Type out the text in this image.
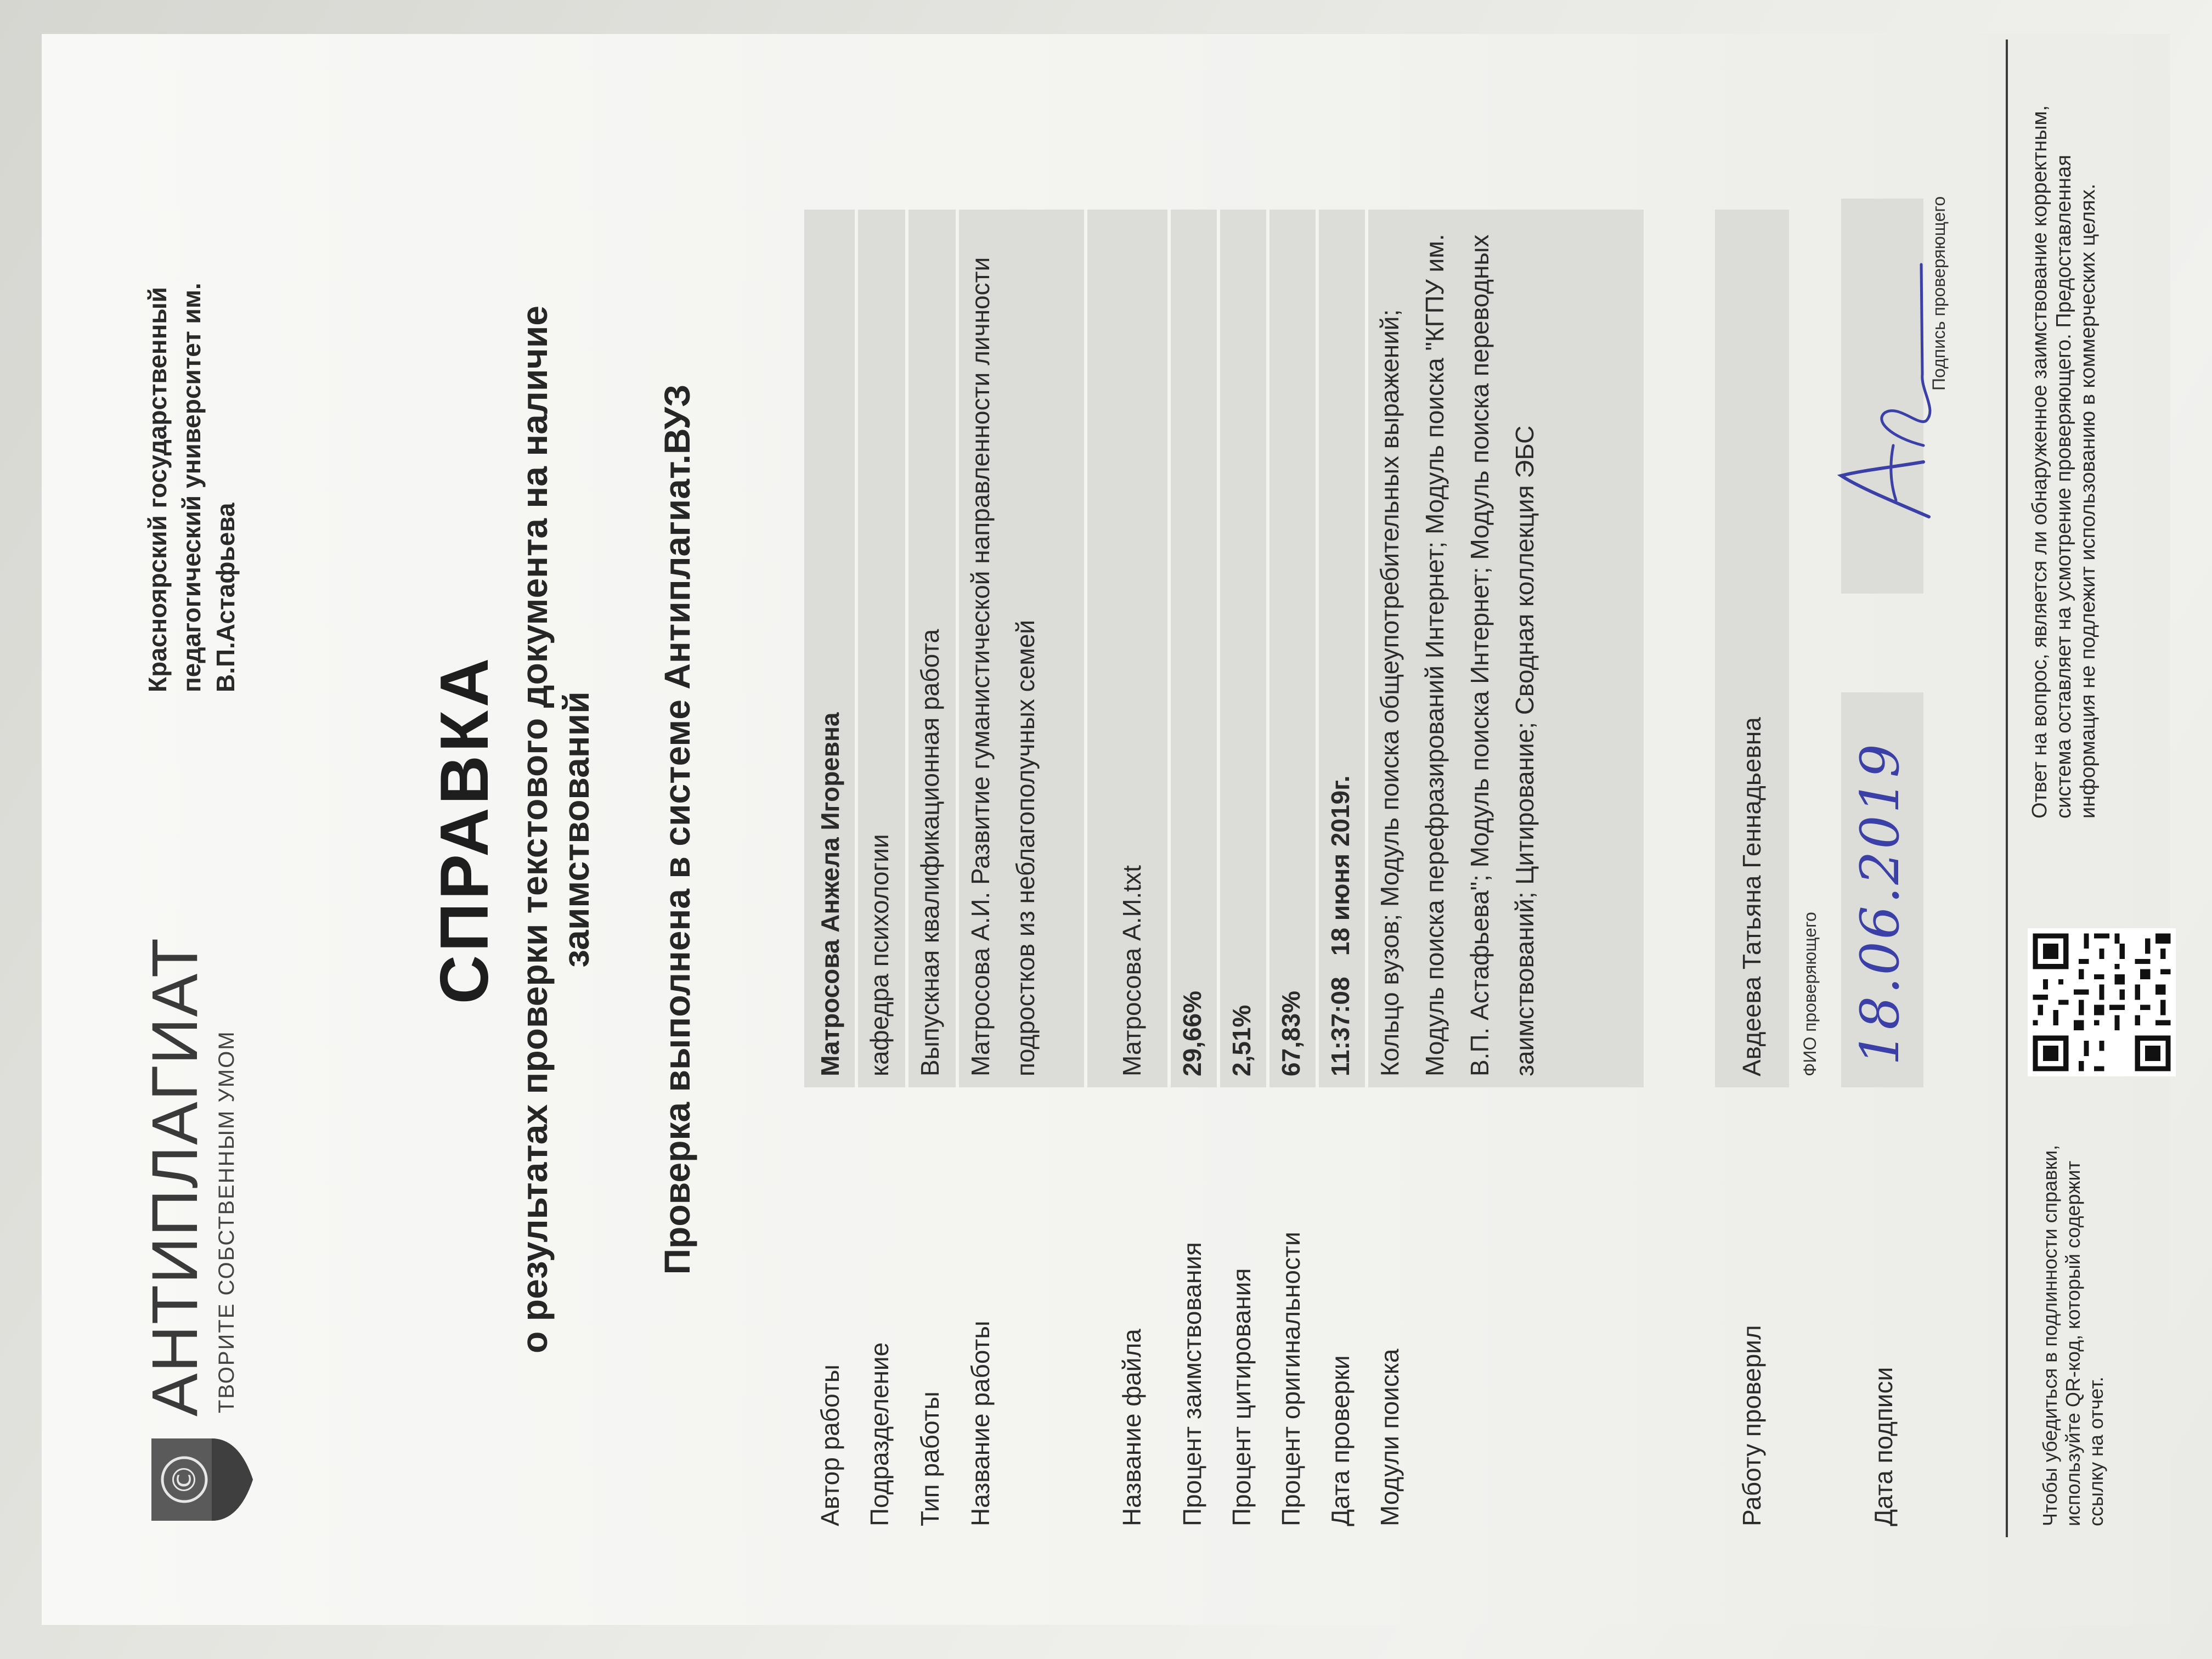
©
АНТИПЛАГИАТ ТВОРИТЕ СОБСТВЕННЫМ УМОМ
Красноярский государственный педагогический университет им. В.П.Астафьева
СПРАВКА о результатах проверки текстового документа на наличие заимствований Проверка выполнена в системе Антиплагиат.ВУЗ
Автор работы
Матросова Анжела Игоревна
Подразделение
кафедра психологии
Тип работы
Выпускная квалификационная работа
Название работы
Матросова А.И. Развитие гуманистической направленности личности подростков из неблагополучных семей
Название файла
Матросова А.И.txt
Процент заимствования
29,66%
Процент цитирования
2,51%
Процент оригинальности
67,83%
Дата проверки
11:37:08   18 июня 2019г.
Модули поиска
Кольцо вузов; Модуль поиска общеупотребительных выражений; Модуль поиска перефразирований Интернет; Модуль поиска "КГПУ им. В.П. Астафьева"; Модуль поиска Интернет; Модуль поиска переводных заимствований; Цитирование; Сводная коллекция ЭБС
Работу проверил
Авдеева Татьяна Геннадьевна	ФИО проверяющего
Дата подписи
18.06.2019
Подпись проверяющего
Чтобы убедиться в подлинности справки, используйте QR-код, который содержит ссылку на отчет.
Ответ на вопрос, является ли обнаруженное заимствование корректным, система оставляет на усмотрение проверяющего. Предоставленная информация не подлежит использованию в коммерческих целях.
